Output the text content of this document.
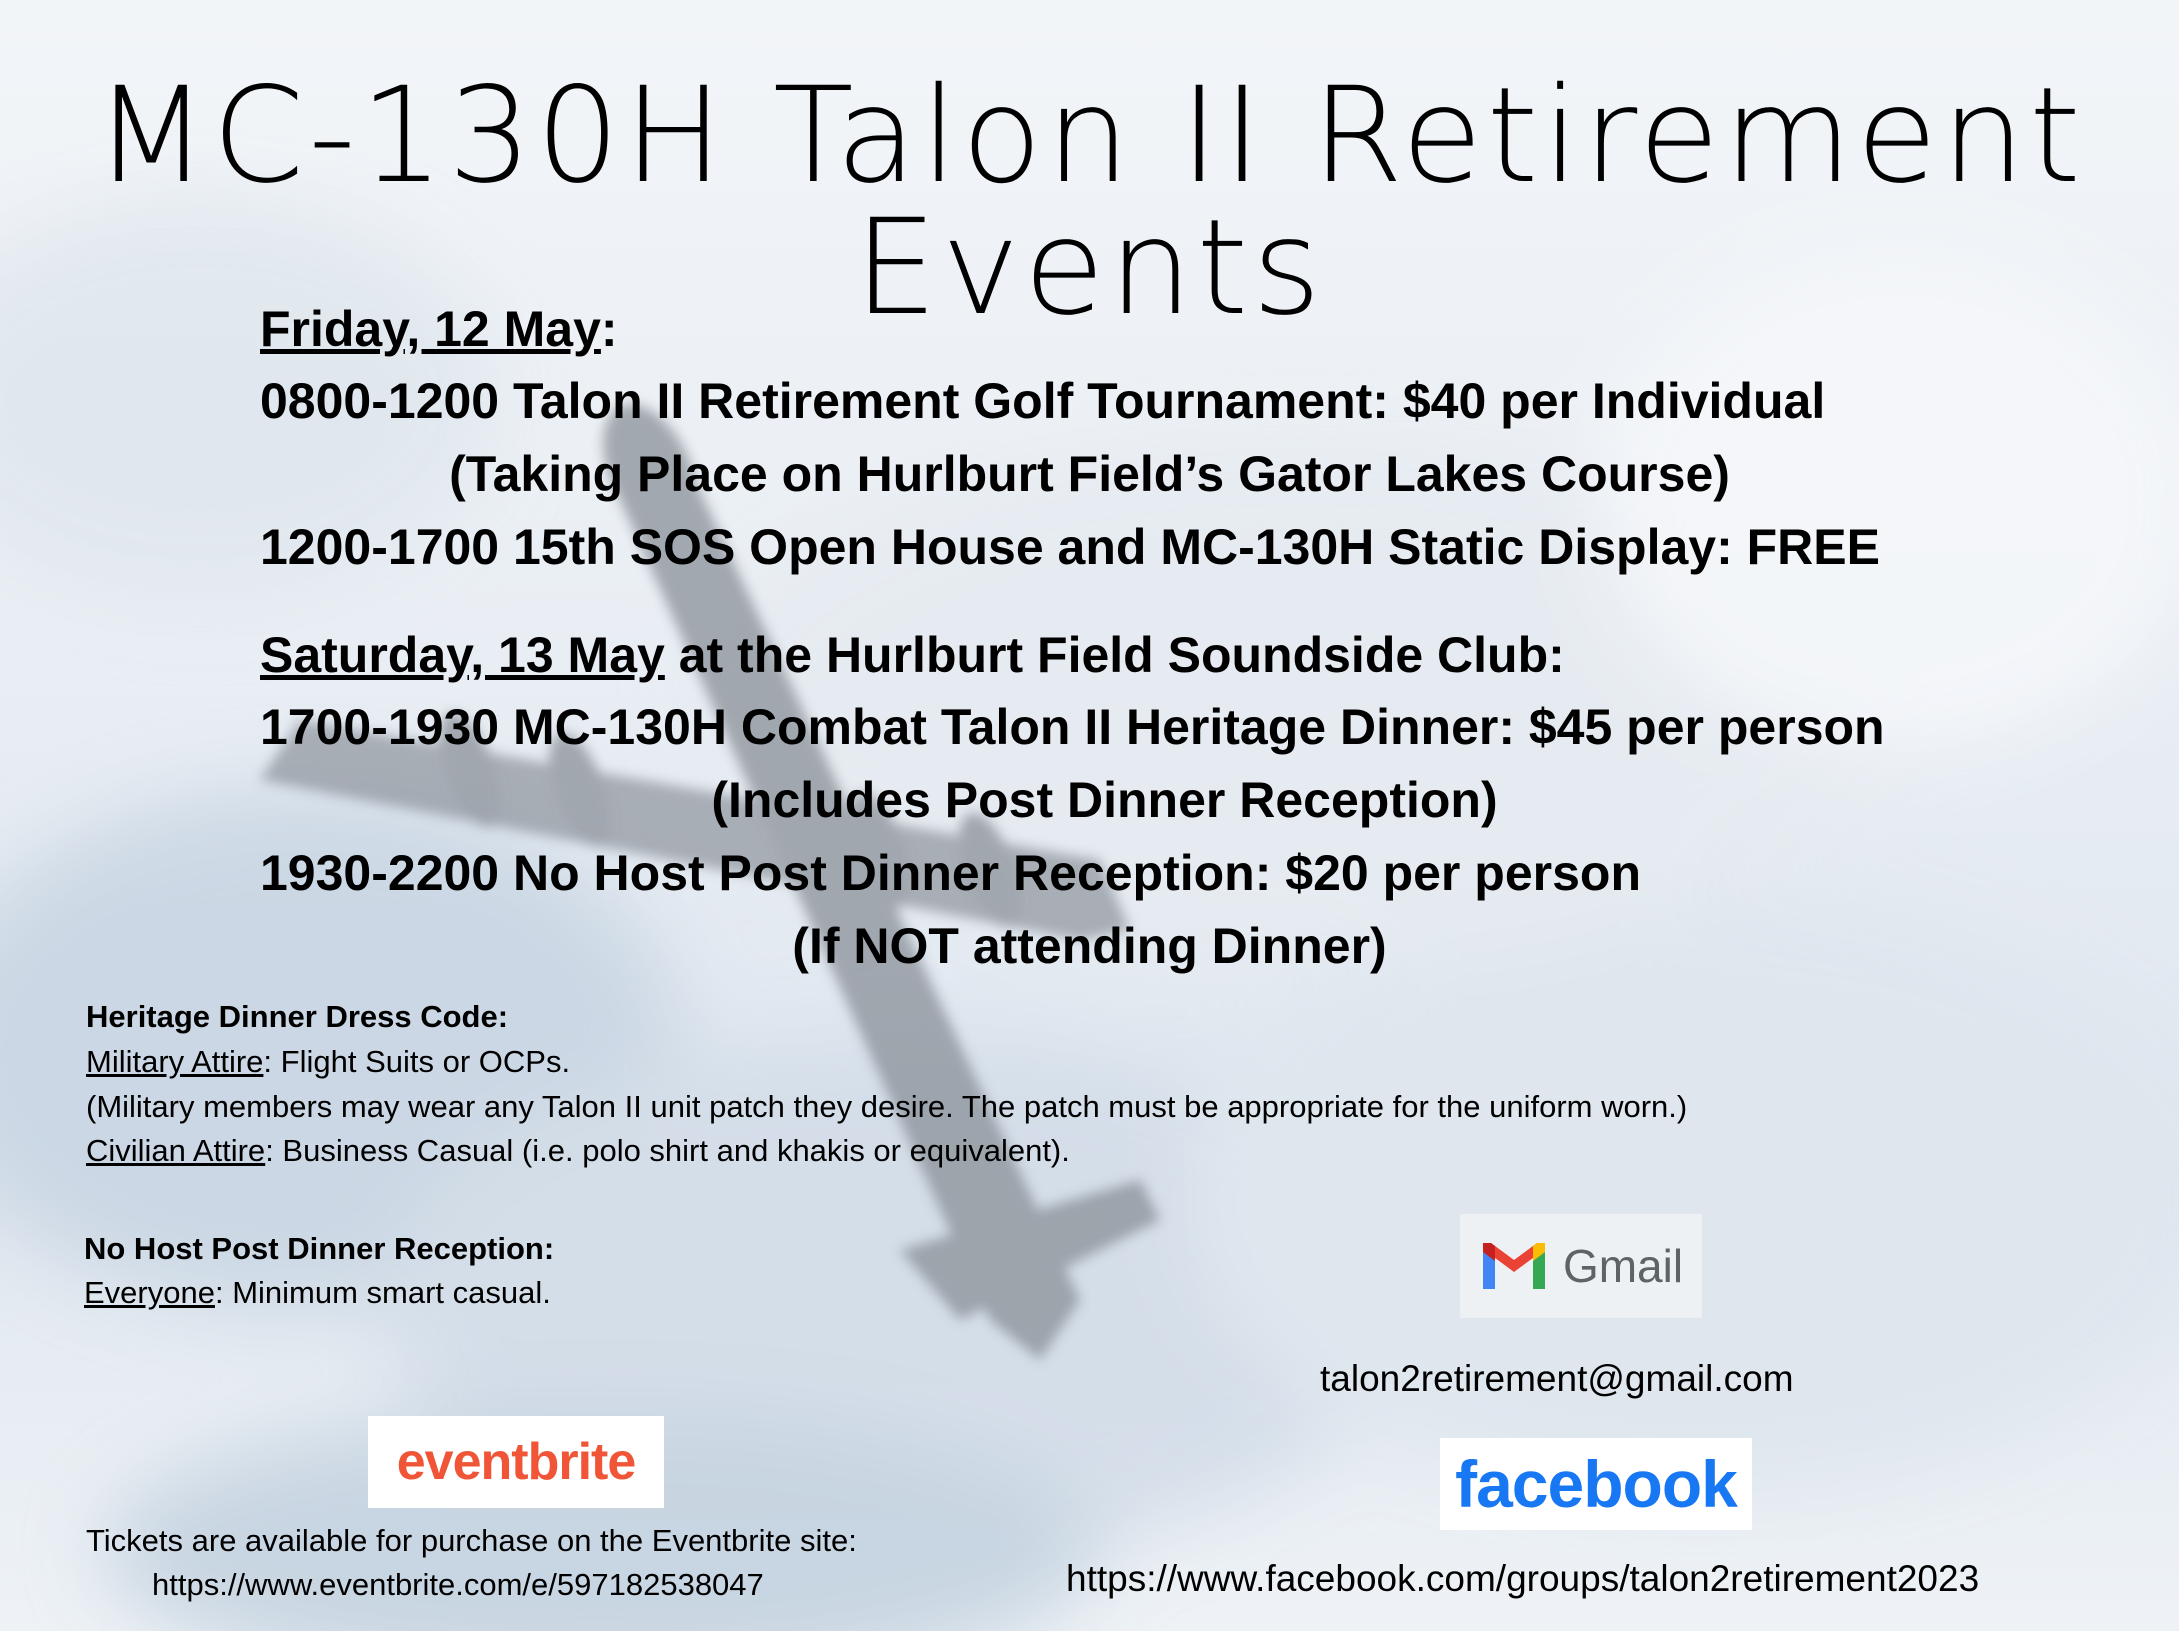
MC-130H Talon II Retirement Events
Friday, 12 May:
0800-1200 Talon II Retirement Golf Tournament: $40 per Individual
(Taking Place on Hurlburt Field’s Gator Lakes Course)
1200-1700 15th SOS Open House and MC-130H Static Display: FREE
Saturday, 13 May at the Hurlburt Field Soundside Club:
1700-1930 MC-130H Combat Talon II Heritage Dinner: $45 per person
(Includes Post Dinner Reception)
1930-2200 No Host Post Dinner Reception: $20 per person
(If NOT attending Dinner)
Heritage Dinner Dress Code:
Military Attire: Flight Suits or OCPs.
(Military members may wear any Talon II unit patch they desire. The patch must be appropriate for the uniform worn.)
Civilian Attire: Business Casual (i.e. polo shirt and khakis or equivalent).
No Host Post Dinner Reception:
Everyone: Minimum smart casual.
eventbrite
Tickets are available for purchase on the Eventbrite site:
https://www.eventbrite.com/e/597182538047
Gmail
talon2retirement@gmail.com
facebook
https://www.facebook.com/groups/talon2retirement2023
